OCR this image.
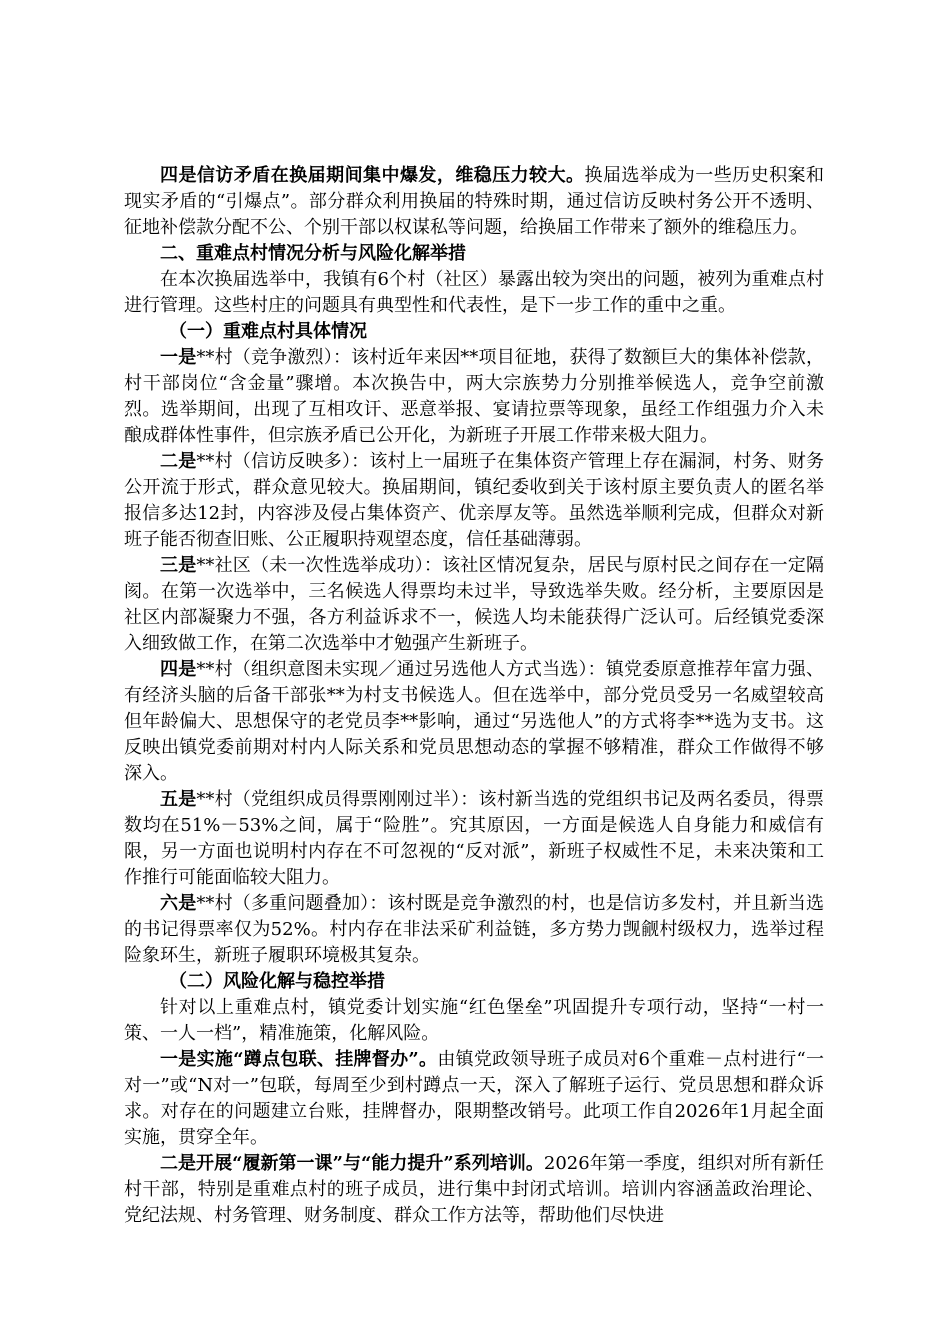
四是信访矛盾在换届期间集中爆发，维稳压力较大。换届选举成为一些历史积案和现实矛盾的“引爆点”。部分群众利用换届的特殊时期，通过信访反映村务公开不透明、征地补偿款分配不公、个别干部以权谋私等问题，给换届工作带来了额外的维稳压力。

二、重难点村情况分析与风险化解举措

在本次换届选举中，我镇有6个村（社区）暴露出较为突出的问题，被列为重难点村进行管理。这些村庄的问题具有典型性和代表性，是下一步工作的重中之重。

（一）重难点村具体情况

一是**村（竞争激烈）：该村近年来因**项目征地，获得了数额巨大的集体补偿款，村干部岗位“含金量”骤增。本次换告中，两大宗族势力分别推举候选人，竞争空前激烈。选举期间，出现了互相攻讦、恶意举报、宴请拉票等现象，虽经工作组强力介入未酿成群体性事件，但宗族矛盾已公开化，为新班子开展工作带来极大阻力。

二是**村（信访反映多）：该村上一届班子在集体资产管理上存在漏洞，村务、财务公开流于形式，群众意见较大。换届期间，镇纪委收到关于该村原主要负责人的匿名举报信多达12封，内容涉及侵占集体资产、优亲厚友等。虽然选举顺利完成，但群众对新班子能否彻查旧账、公正履职持观望态度，信任基础薄弱。

三是**社区（未一次性选举成功）：该社区情况复杂，居民与原村民之间存在一定隔阂。在第一次选举中，三名候选人得票均未过半，导致选举失败。经分析，主要原因是社区内部凝聚力不强，各方利益诉求不一，候选人均未能获得广泛认可。后经镇党委深入细致做工作，在第二次选举中才勉强产生新班子。

四是**村（组织意图未实现／通过另选他人方式当选）：镇党委原意推荐年富力强、有经济头脑的后备干部张**为村支书候选人。但在选举中，部分党员受另一名威望较高但年龄偏大、思想保守的老党员李**影响，通过“另选他人”的方式将李**选为支书。这反映出镇党委前期对村内人际关系和党员思想动态的掌握不够精准，群众工作做得不够深入。

五是**村（党组织成员得票刚刚过半）：该村新当选的党组织书记及两名委员，得票数均在51%－53%之间，属于“险胜”。究其原因，一方面是候选人自身能力和威信有限，另一方面也说明村内存在不可忽视的“反对派”，新班子权威性不足，未来决策和工作推行可能面临较大阻力。

六是**村（多重问题叠加）：该村既是竞争激烈的村，也是信访多发村，并且新当选的书记得票率仅为52%。村内存在非法采矿利益链，多方势力觊觎村级权力，选举过程险象环生，新班子履职环境极其复杂。

（二）风险化解与稳控举措

针对以上重难点村，镇党委计划实施“红色堡垒”巩固提升专项行动，坚持“一村一策、一人一档”，精准施策，化解风险。

一是实施“蹲点包联、挂牌督办”。由镇党政领导班子成员对6个重难－点村进行“一对一”或“N对一”包联，每周至少到村蹲点一天，深入了解班子运行、党员思想和群众诉求。对存在的问题建立台账，挂牌督办，限期整改销号。此项工作自2026年1月起全面实施，贯穿全年。

二是开展“履新第一课”与“能力提升”系列培训。2026年第一季度，组织对所有新任村干部，特别是重难点村的班子成员，进行集中封闭式培训。培训内容涵盖政治理论、党纪法规、村务管理、财务制度、群众工作方法等，帮助他们尽快进
